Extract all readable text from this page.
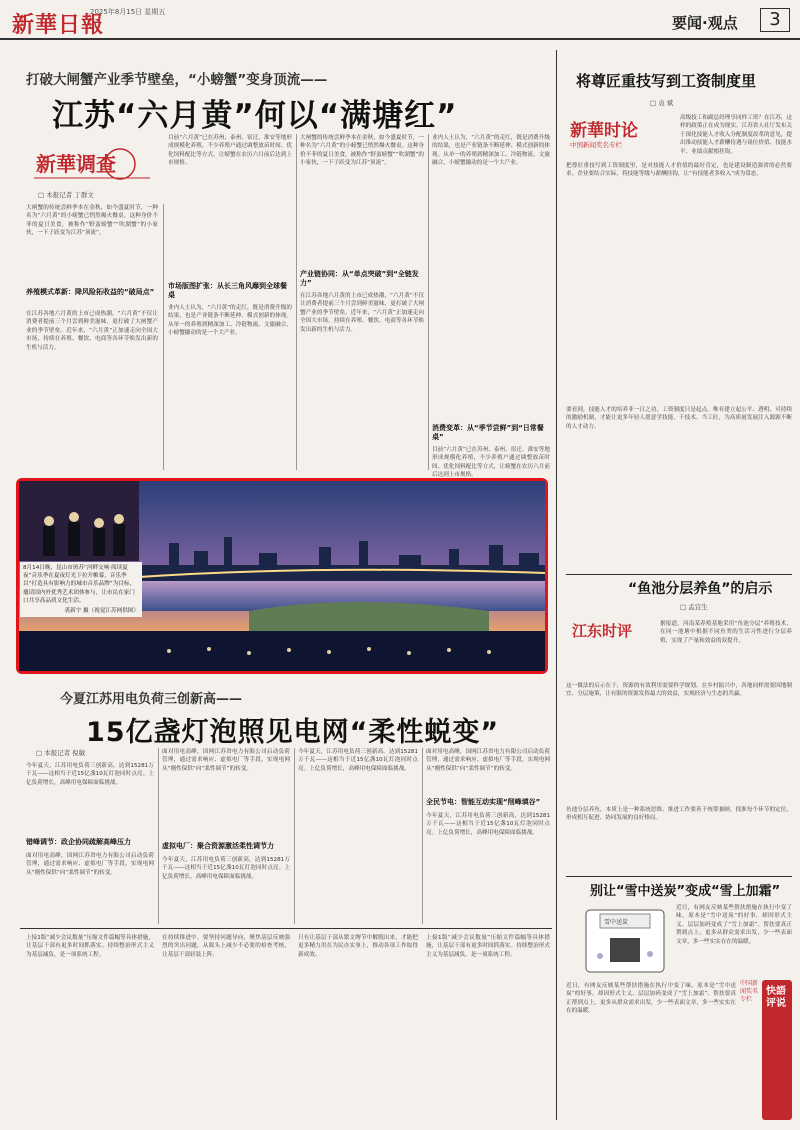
新華日報
2025年8月15日 星期五
要闻·观点	3
打破大闸蟹产业季节壁垒，“小螃蟹”变身顶流——
江苏“六月黄”何以“满塘红”
新華调查
□ 本报记者 丁群文
大闸蟹的传统尝鲜季本在金秋，如今盛夏时节，一种名为“六月黄”的小螃蟹已悄然爆火餐桌。这种身价不菲的夏日美食，被称作“野蛮螃蟹”“吹湖蟹”的小家伙，一下子跃变为江苏“顶流”。
养殖模式革新：降风险拓收益的“破局点”
在江苏各地六月黄的上市已成热潮，“六月黄”不仅让消费者提前三个月尝到鲜美滋味，更打破了大闸蟹产业的季节壁垒。近年来，“六月黄”正加速走向全国大市场，持续在养殖、餐饮、电商等各环节焕发出新的生机与活力。
目前“六月黄”已在苏州、泰州、宿迁、淮安等地形成规模化养殖，不少养殖户通过调整放苗时间、优化饲料配比等方式，让螃蟹在农历六月前后达到上市规格。
市场版图扩张：从长三角风靡到全球餐桌
业内人士认为，“六月黄”的走红，既是消费升级的结果，也是产业链条不断延伸、模式创新的体现。从单一的养殖到精深加工、冷链物流、文旅融合，小螃蟹撬动的是一个大产业。
大闸蟹的传统尝鲜季本在金秋，如今盛夏时节，一种名为“六月黄”的小螃蟹已悄然爆火餐桌。这种身价不菲的夏日美食，被称作“野蛮螃蟹”“吹湖蟹”的小家伙，一下子跃变为江苏“顶流”。
产业链协同：从“单点突破”到“全链发力”
在江苏各地六月黄的上市已成热潮，“六月黄”不仅让消费者提前三个月尝到鲜美滋味，更打破了大闸蟹产业的季节壁垒。近年来，“六月黄”正加速走向全国大市场，持续在养殖、餐饮、电商等各环节焕发出新的生机与活力。
业内人士认为，“六月黄”的走红，既是消费升级的结果，也是产业链条不断延伸、模式创新的体现。从单一的养殖到精深加工、冷链物流、文旅融合，小螃蟹撬动的是一个大产业。
消费变革：从“季节尝鲜”到“日常餐桌”
目前“六月黄”已在苏州、泰州、宿迁、淮安等地形成规模化养殖，不少养殖户通过调整放苗时间、优化饲料配比等方式，让螃蟹在农历六月前后达到上市规格。
8月14日晚，昆山市斑苏“河畔交响·阅读夏夜”音乐季在夏夜灯光下拉开帷幕，音乐季以“打造具有影响力的城市音乐品牌”为目标，邀请国内外优秀艺术团体参与，让市民在家门口共享高品质文化生活。
裘新宇 摄（视觉江苏网供图）
今夏江苏用电负荷三创新高——
15亿盏灯泡照见电网“柔性蜕变”
□ 本报记者 倪敏
今年夏天，江苏用电负荷三创新高，达到15281万千瓦——这相当于近15亿盏10瓦灯泡同时点亮。上亿负荷增长，高峰用电保障面临挑战。
错峰调节：政企协同疏解高峰压力
面对用电高峰，国网江苏省电力有限公司启动负荷管理，通过需求响应、虚拟电厂等手段，实现电网从“刚性保供”向“柔性调节”的转变。
面对用电高峰，国网江苏省电力有限公司启动负荷管理，通过需求响应、虚拟电厂等手段，实现电网从“刚性保供”向“柔性调节”的转变。
虚拟电厂：聚合资源激活柔性调节力
今年夏天，江苏用电负荷三创新高，达到15281万千瓦——这相当于近15亿盏10瓦灯泡同时点亮。上亿负荷增长，高峰用电保障面临挑战。
今年夏天，江苏用电负荷三创新高，达到15281万千瓦——这相当于近15亿盏10瓦灯泡同时点亮。上亿负荷增长，高峰用电保障面临挑战。
面对用电高峰，国网江苏省电力有限公司启动负荷管理，通过需求响应、虚拟电厂等手段，实现电网从“刚性保供”向“柔性调节”的转变。
全民节电：智能互动实现“削峰填谷”
今年夏天，江苏用电负荷三创新高，达到15281万千瓦——这相当于近15亿盏10瓦灯泡同时点亮。上亿负荷增长，高峰用电保障面临挑战。
上接1版“减少会议数量”压缩文件篇幅等具体措施，让基层干部有更多时间抓落实。持续整治形式主义为基层减负，是一项系统工程。
在持续推进中，要坚持问题导向，聚焦基层反映强烈的突出问题，从源头上减少不必要的检查考核，让基层干部轻装上阵。
只有让基层干部从繁文缛节中解脱出来，才能把更多精力用在为民办实事上，推动各项工作取得新成效。
上接1版“减少会议数量”压缩文件篇幅等具体措施，让基层干部有更多时间抓落实。持续整治形式主义为基层减负，是一项系统工程。
将尊匠重技写到工资制度里
□ 袁 斌
新華时论
中国新闻奖名专栏
高级技工和副总经理享同样工资？在江苏，这样的政策正在成为现实。江苏省人社厅发布关于深化技能人才收入分配制度改革的意见，提出推动技能人才薪酬待遇与岗位价值、技能水平、业绩贡献相挂钩。
把尊匠重技写到工资制度里，是对技能人才价值的最好肯定，也是建设制造强省的必然要求。企业要结合实际，将技能等级与薪酬挂钩，让“有技能者多收入”成为常态。
要看到，技能人才的培养非一日之功，工资制度只是起点。唯有建立起公平、透明、可持续的激励机制，才能让更多年轻人愿意学技能、干技术、当工匠，为高质量发展注入源源不断的人才动力。
“鱼池分层养鱼”的启示
□ 孟宜生
江东时评	据报道，河南某养殖基地采用“鱼池分层”养殖技术，在同一池塘中根据不同鱼类的生活习性进行分层养殖，实现了产量和效益的双提升。
这一做法的启示在于，资源的有效利用需要科学规划。在乡村振兴中，各地同样需要因地制宜、分层施策，让有限的资源发挥最大的效益，实现经济与生态的共赢。
鱼池分层养鱼，本质上是一种系统思维。推进工作要善于统筹兼顾，找准每个环节的定位，形成相互促进、协同发展的良好格局。
别让“雪中送炭”变成“雪上加霜”
雪中送炭
快語评说
中国新闻奖名专栏
近日，有网友反映某些帮扶措施在执行中变了味，原本是“雪中送炭”的好事，却因形式主义、层层加码变成了“雪上加霜”。帮扶要真正帮到点上，更多从群众需求出发，少一些表面文章，多一些实实在在的温暖。
近日，有网友反映某些帮扶措施在执行中变了味，原本是“雪中送炭”的好事，却因形式主义、层层加码变成了“雪上加霜”。帮扶要真正帮到点上，更多从群众需求出发，少一些表面文章，多一些实实在在的温暖。
